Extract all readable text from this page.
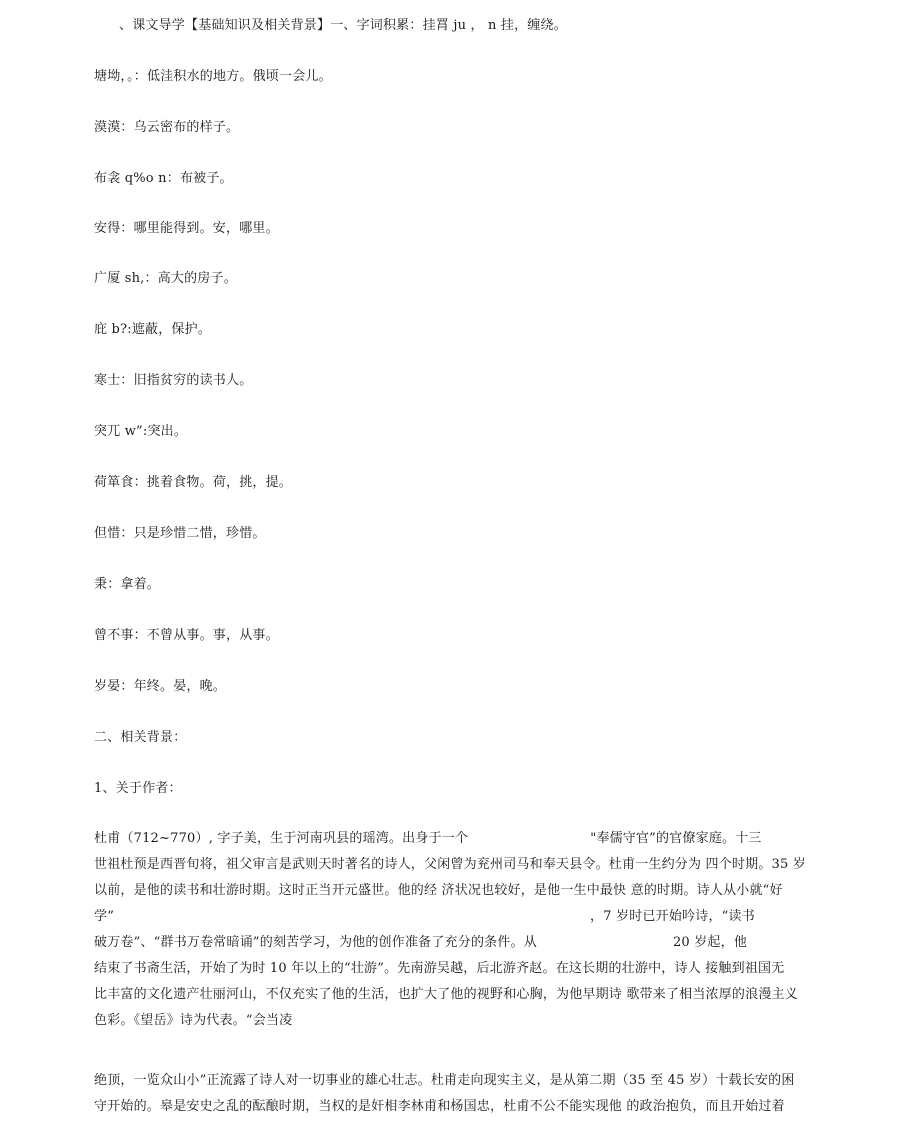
、课文导学【基础知识及相关背景】一、字词积累：挂罥 ju ， n 挂，缠绕。
塘坳，。：低洼积水的地方。俄顷一会儿。
漠漠：乌云密布的样子。
布衾 q%o n：布被子。
安得：哪里能得到。安，哪里。
广厦 sh,：高大的房子。
庇 b?:遮蔽，保护。
寒士：旧指贫穷的读书人。
突兀 w”:突出。
荷箪食：挑着食物。荷，挑，提。
但惜：只是珍惜二惜，珍惜。
秉：拿着。
曾不事：不曾从事。事，从事。
岁晏：年终。晏，晚。
二、相关背景：
1、关于作者：
杜甫（712~770）, 字子美，生于河南巩县的瑶湾。出身于一个	"奉儒守官”的官僚家庭。十三
世祖杜预是西晋旬将，祖父审言是武则天时著名的诗人，父闲曾为兖州司马和奉天县令。杜甫一生约分为 四个时期。35 岁
以前，是他的读书和壮游时期。这时正当开元盛世。他的经 济状况也较好，是他一生中最快 意的时期。诗人从小就“好
学”	，7 岁时已开始吟诗，“读书
破万卷”、“群书万卷常暗诵”的刻苦学习，为他的创作准备了充分的条件。从	20 岁起，他
结束了书斋生活，开始了为时 10 年以上的“壮游”。先南游吴越，后北游齐赵。在这长期的壮游中，诗人 接触到祖国无
比丰富的文化遗产壮丽河山，不仅充实了他的生活，也扩大了他的视野和心胸，为他早期诗 歌带来了相当浓厚的浪漫主义
色彩。《望岳》诗为代表。“会当凌
绝顶，一览众山小”正流露了诗人对一切事业的雄心壮志。杜甫走向现实主义，是从第二期（35 至 45 岁）十载长安的困
守开始的。皋是安史之乱的酝酿时期，当权的是奸相李林甫和杨国忠，杜甫不公不能实现他 的政治抱负，而且开始过着
